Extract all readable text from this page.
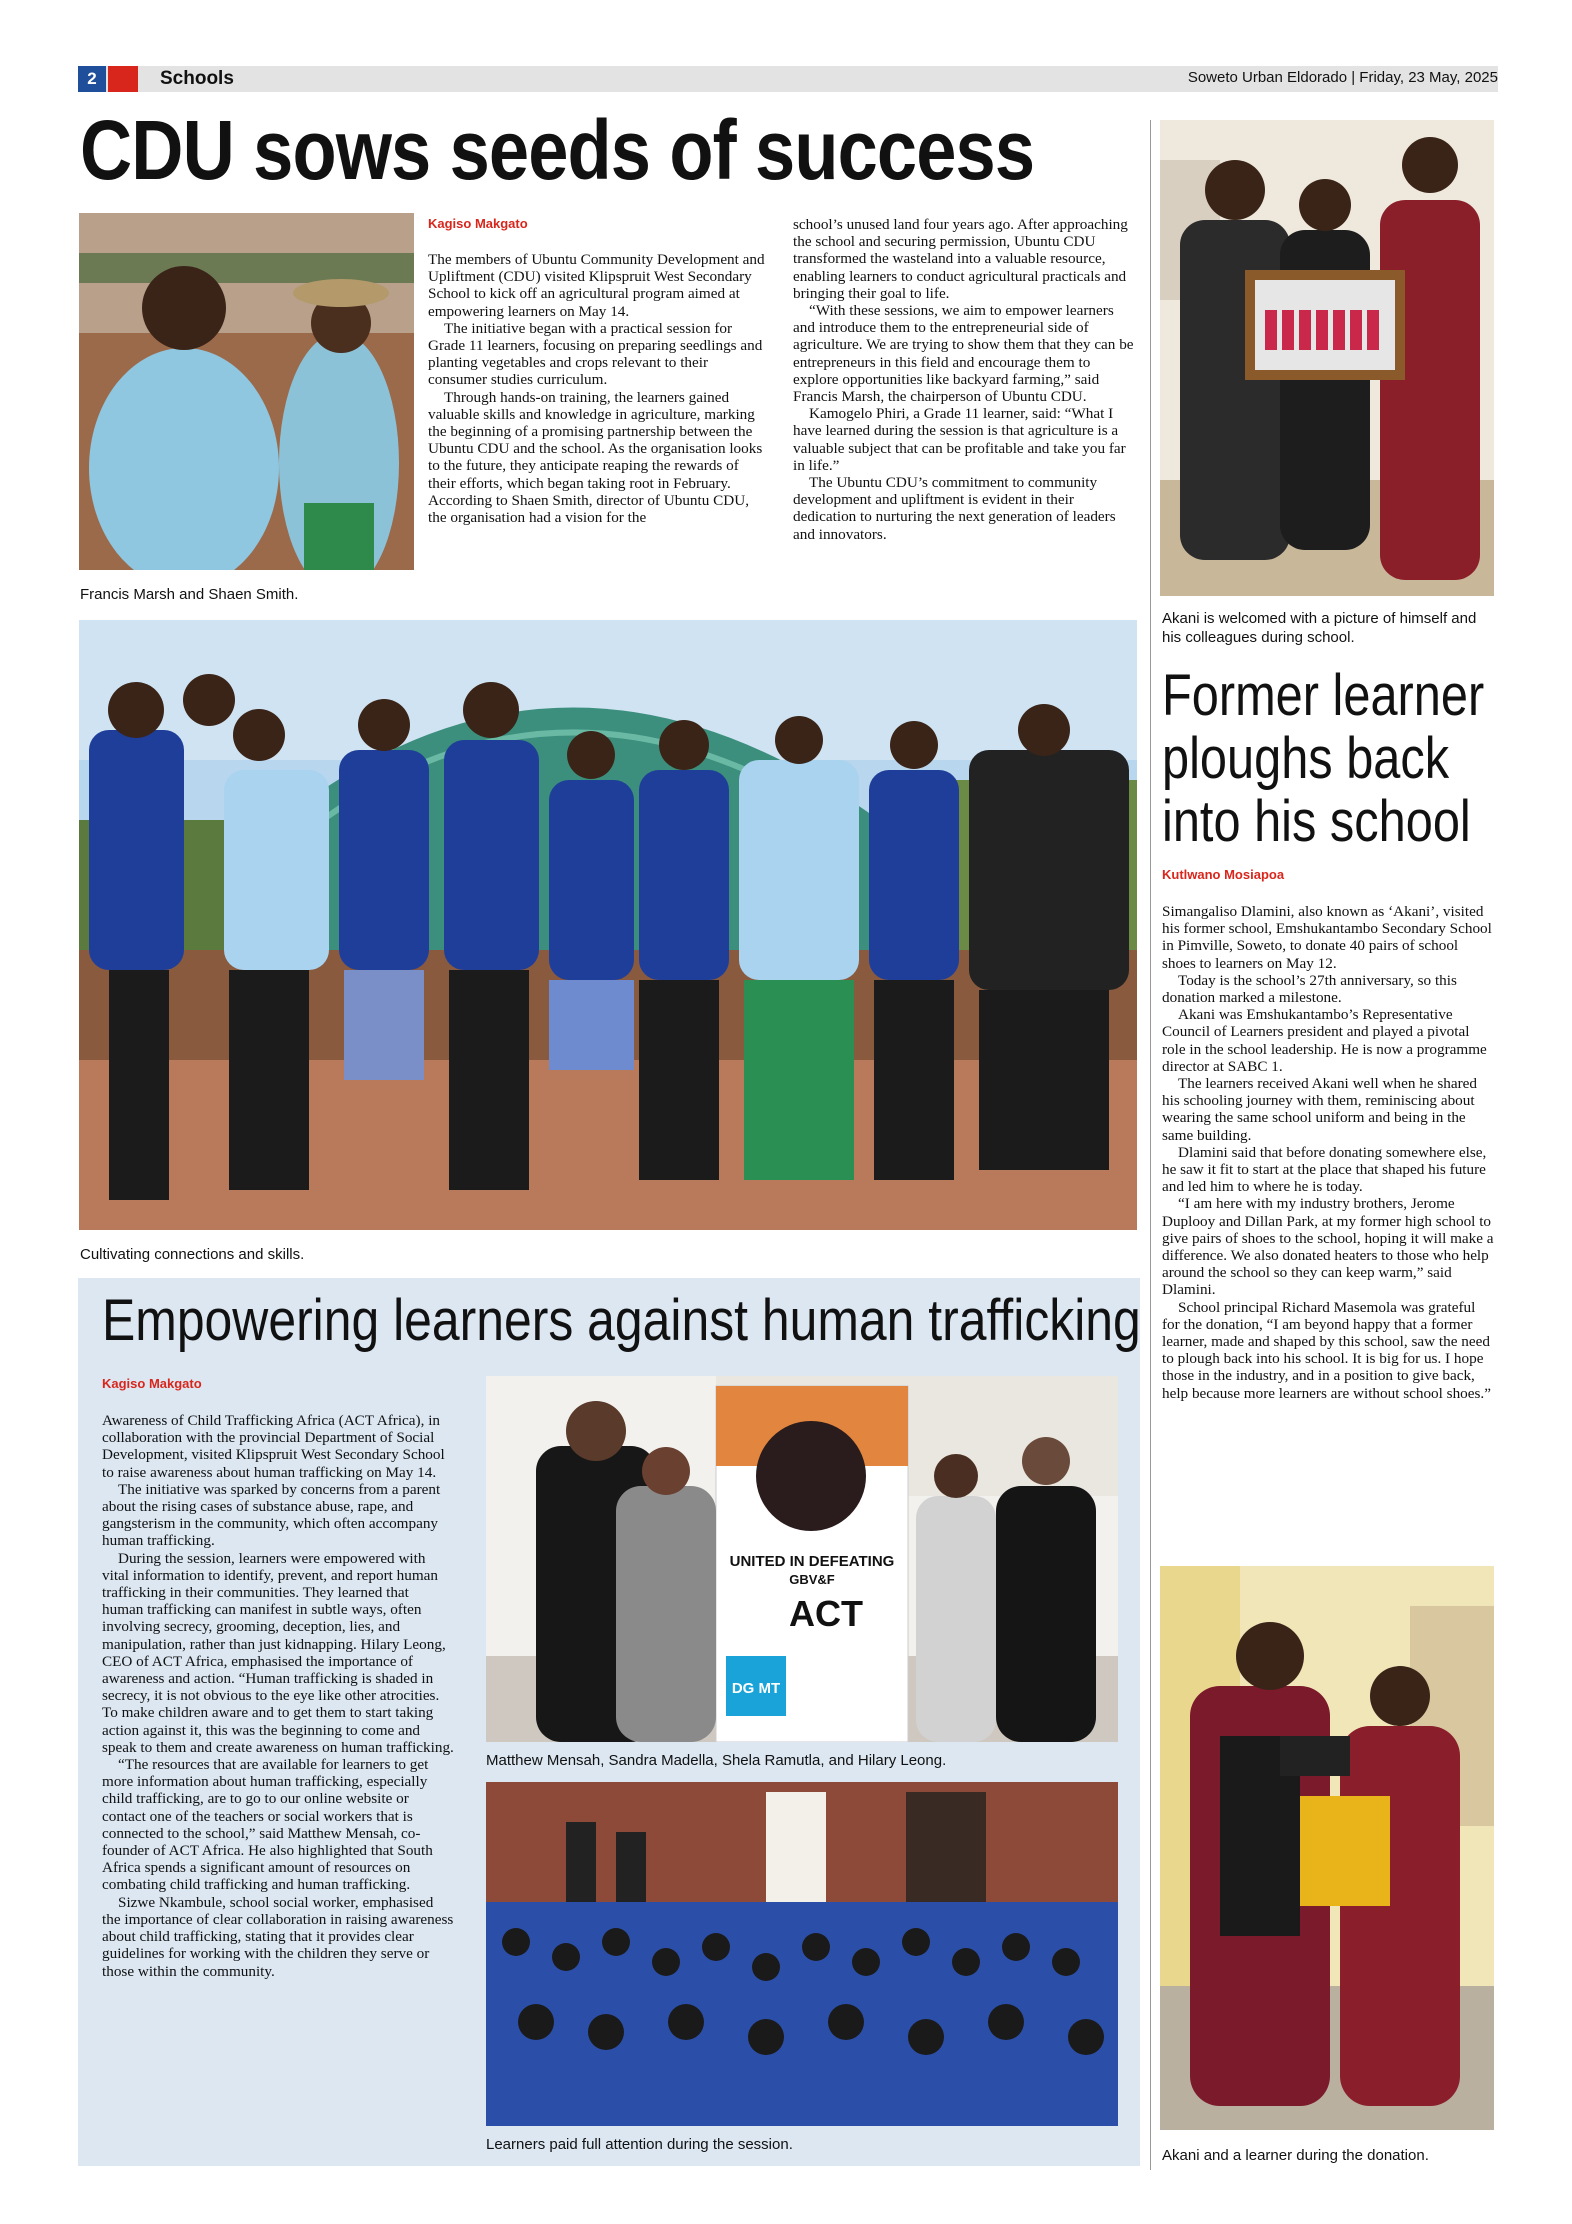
2	Schools	Soweto Urban Eldorado | Friday, 23 May, 2025
CDU sows seeds of success
Francis Marsh and Shaen Smith.
Kagiso Makgato

The members of Ubuntu Community Development and Upliftment (CDU) visited Klipspruit West Secondary School to kick off an agricultural program aimed at empowering learners on May 14.

The initiative began with a practical session for Grade 11 learners, focusing on preparing seedlings and planting vegetables and crops relevant to their consumer studies curriculum.

Through hands-on training, the learners gained valuable skills and knowledge in agriculture, marking the beginning of a promising partnership between the Ubuntu CDU and the school. As the organisation looks to the future, they anticipate reaping the rewards of their efforts, which began taking root in February. According to Shaen Smith, director of Ubuntu CDU, the organisation had a vision for the

school’s unused land four years ago. After approaching the school and securing permission, Ubuntu CDU transformed the wasteland into a valuable resource, enabling learners to conduct agricultural practicals and bringing their goal to life.

“With these sessions, we aim to empower learners and introduce them to the entrepreneurial side of agriculture. We are trying to show them that they can be entrepreneurs in this field and encourage them to explore opportunities like backyard farming,” said Francis Marsh, the chairperson of Ubuntu CDU.

Kamogelo Phiri, a Grade 11 learner, said: “What I have learned during the session is that agriculture is a valuable subject that can be profitable and take you far in life.”

The Ubuntu CDU’s commitment to community development and upliftment is evident in their dedication to nurturing the next generation of leaders and innovators.

Cultivating connections and skills.
Empowering learners against human trafficking
Kagiso Makgato

Awareness of Child Trafficking Africa (ACT Africa), in collaboration with the provincial Department of Social Development, visited Klipspruit West Secondary School to raise awareness about human trafficking on May 14.

The initiative was sparked by concerns from a parent about the rising cases of substance abuse, rape, and gangsterism in the community, which often accompany human trafficking.

During the session, learners were empowered with vital information to identify, prevent, and report human trafficking in their communities. They learned that human trafficking can manifest in subtle ways, often involving secrecy, grooming, deception, lies, and manipulation, rather than just kidnapping. Hilary Leong, CEO of ACT Africa, emphasised the importance of awareness and action. “Human trafficking is shaded in secrecy, it is not obvious to the eye like other atrocities. To make children aware and to get them to start taking action against it, this was the beginning to come and speak to them and create awareness on human trafficking.

“The resources that are available for learners to get more information about human trafficking, especially child trafficking, are to go to our online website or contact one of the teachers or social workers that is connected to the school,” said Matthew Mensah, co-founder of ACT Africa. He also highlighted that South Africa spends a significant amount of resources on combating child trafficking and human trafficking.

Sizwe Nkambule, school social worker, emphasised the importance of clear collaboration in raising awareness about child trafficking, stating that it provides clear guidelines for working with the children they serve or those within the community.

UNITED IN DEFEATING
GBV&F
ACT
DG MT
Matthew Mensah, Sandra Madella, Shela Ramutla, and Hilary Leong.
Learners paid full attention during the session.
Akani is welcomed with a picture of himself and his colleagues during school.
Former learner
ploughs back
into his school
Kutlwano Mosiapoa

Simangaliso Dlamini, also known as ‘Akani’, visited his former school, Emshukantambo Secondary School in Pimville, Soweto, to donate 40 pairs of school shoes to learners on May 12.

Today is the school’s 27th anniversary, so this donation marked a milestone.

Akani was Emshukantambo’s Representative Council of Learners president and played a pivotal role in the school leadership. He is now a programme director at SABC 1.

The learners received Akani well when he shared his schooling journey with them, reminiscing about wearing the same school uniform and being in the same building.

Dlamini said that before donating somewhere else, he saw it fit to start at the place that shaped his future and led him to where he is today.

“I am here with my industry brothers, Jerome Duplooy and Dillan Park, at my former high school to give pairs of shoes to the school, hoping it will make a difference. We also donated heaters to those who help around the school so they can keep warm,” said Dlamini.

School principal Richard Masemola was grateful for the donation, “I am beyond happy that a former learner, made and shaped by this school, saw the need to plough back into his school. It is big for us. I hope those in the industry, and in a position to give back, help because more learners are without school shoes.”

Akani and a learner during the donation.
